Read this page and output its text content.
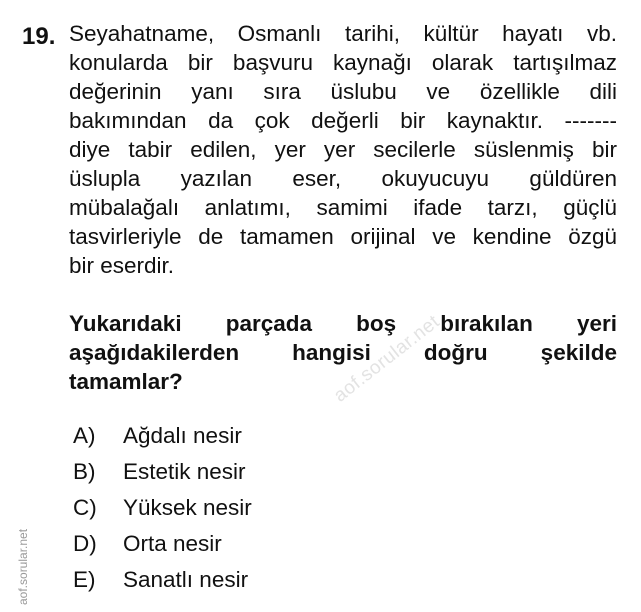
19. Seyahatname, Osmanlı tarihi, kültür hayatı vb.
konularda bir başvuru kaynağı olarak tartışılmaz
değerinin yanı sıra üslubu ve özellikle dili
bakımından da çok değerli bir kaynaktır. -------
diye tabir edilen, yer yer secilerle süslenmiş bir
üslupla yazılan eser, okuyucuyu güldüren
mübalağalı anlatımı, samimi ifade tarzı, güçlü
tasvirleriyle de tamamen orijinal ve kendine özgü
bir eserdir.
Yukarıdaki parçada boş bırakılan yeri
aşağıdakilerden hangisi doğru şekilde
tamamlar?
A)	Ağdalı nesir
B)	Estetik nesir
C)	Yüksek nesir
D)	Orta nesir
E)	Sanatlı nesir
aof.sorular.net
aof.sorular.net
